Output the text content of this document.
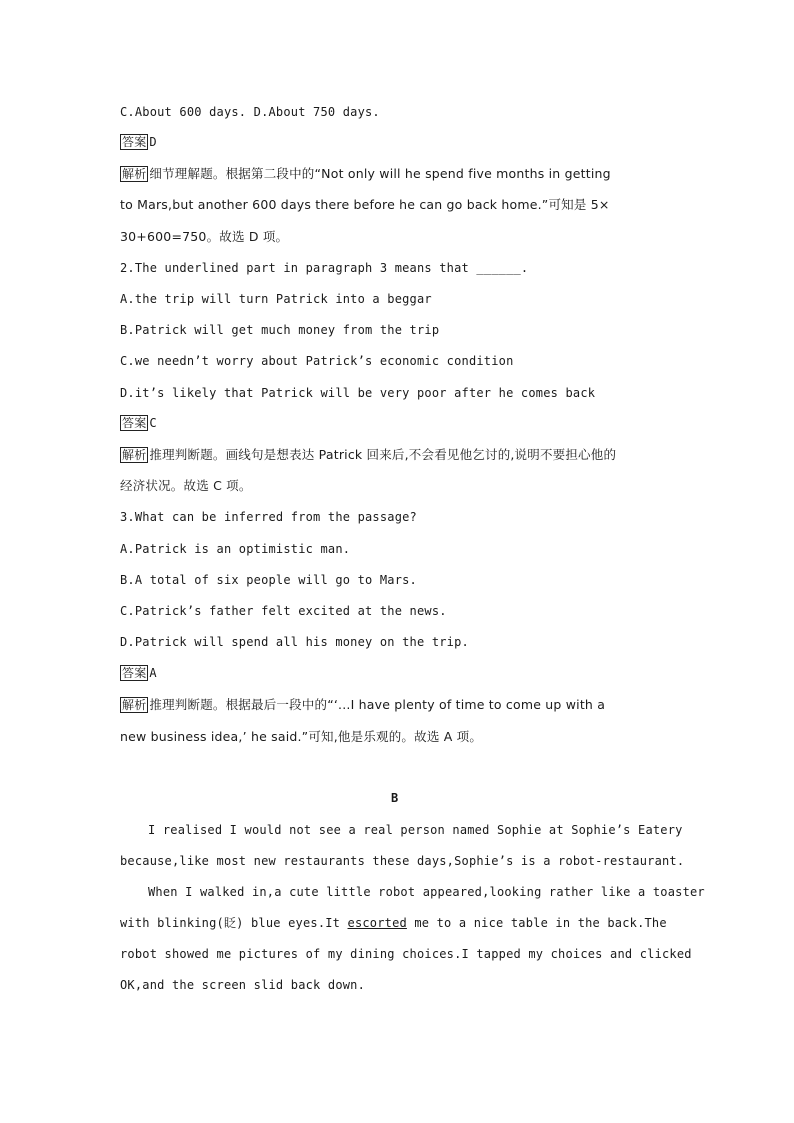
C.About 600 days. D.About 750 days.
答案 D
解析 细节理解题。根据第二段中的“Not only will he spend five months in getting
to Mars,but another 600 days there before he can go back home.”可知是 5×
30+600=750。故选 D 项。
2.The underlined part in paragraph 3 means that ______.
A.the trip will turn Patrick into a beggar
B.Patrick will get much money from the trip
C.we needn’t worry about Patrick’s economic condition
D.it’s likely that Patrick will be very poor after he comes back
答案 C
解析 推理判断题。画线句是想表达 Patrick 回来后,不会看见他乞讨的,说明不要担心他的
经济状况。故选 C 项。
3.What can be inferred from the passage?
A.Patrick is an optimistic man.
B.A total of six people will go to Mars.
C.Patrick’s father felt excited at the news.
D.Patrick will spend all his money on the trip.
答案 A
解析 推理判断题。根据最后一段中的“‘...I have plenty of time to come up with a
new business idea,’ he said.”可知,他是乐观的。故选 A 项。
B
I realised I would not see a real person named Sophie at Sophie’s Eatery
because,like most new restaurants these days,Sophie’s is a robot-restaurant.
When I walked in,a cute little robot appeared,looking rather like a toaster
with blinking(眨) blue eyes.It escorted me to a nice table in the back.The
robot showed me pictures of my dining choices.I tapped my choices and clicked
OK,and the screen slid back down.
